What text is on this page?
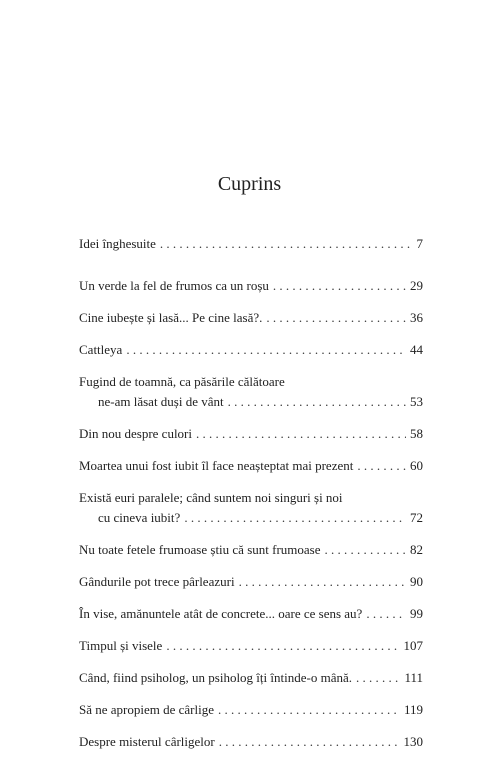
Cuprins
Idei înghesuite . . .	7
Un verde la fel de frumos ca un roșu . . .	29
Cine iubește și lasă... Pe cine lasă?. . . .	36
Cattleya . . .	44
Fugind de toamnă, ca păsările călătoare
ne-am lăsat duși de vânt . . .	53
Din nou despre culori . . .	58
Moartea unui fost iubit îl face neașteptat mai prezent . . .	60
Există euri paralele; când suntem noi singuri și noi
cu cineva iubit? . . .	72
Nu toate fetele frumoase știu că sunt frumoase . . .	82
Gândurile pot trece pârleazuri . . .	90
În vise, amănuntele atât de concrete... oare ce sens au? . . .	99
Timpul și visele . . .	107
Când, fiind psiholog, un psiholog îți întinde-o mână. . . .	111
Să ne apropiem de cârlige . . .	119
Despre misterul cârligelor . . .	130
